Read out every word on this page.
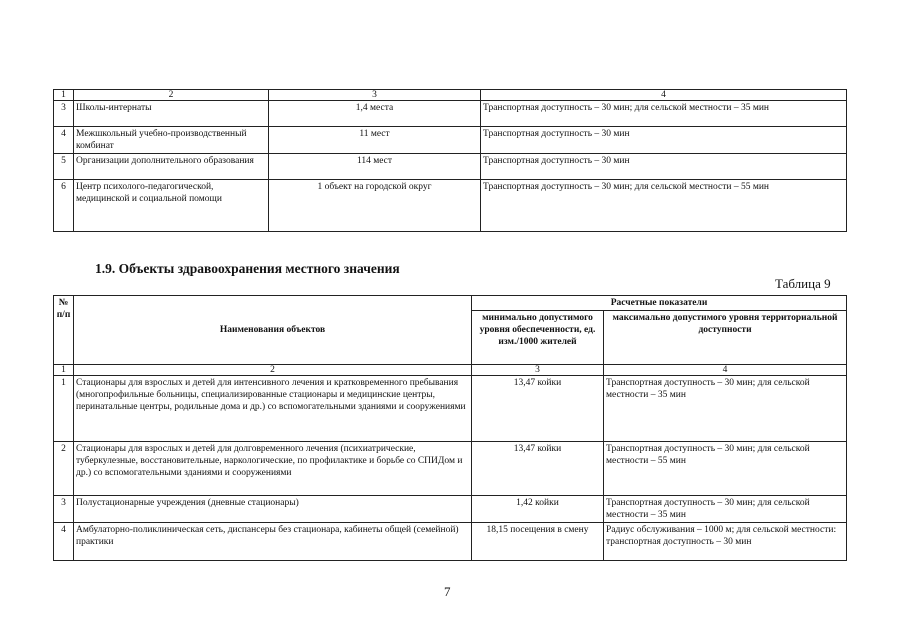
1	2	3	4
3	Школы-интернаты	1,4 места	Транспортная доступность – 30 мин; для сельской местности – 35 мин
4	Межшкольный учебно-производственный комбинат	11 мест	Транспортная доступность – 30 мин
5	Организации дополнительного образования	114 мест	Транспортная доступность – 30 мин
6	Центр психолого-педагогической, медицинской и социальной помощи	1 объект на городской округ	Транспортная доступность – 30 мин; для сельской местности – 55 мин
1.9. Объекты здравоохранения местного значения
Таблица 9
№ п/п	Наименования объектов	Расчетные показатели	
		минимально допустимого уровня обеспеченности, ед. изм./1000 жителей	максимально допустимого уровня территориальной доступности
1	2	3	4
1	Стационары для взрослых и детей для интенсивного лечения и кратковременного пребывания (многопрофильные больницы, специализированные стационары и медицинские центры, перинатальные центры, родильные дома и др.) со вспомогательными зданиями и сооружениями	13,47 койки	Транспортная доступность – 30 мин; для сельской местности – 35 мин
2	Стационары для взрослых и детей для долговременного лечения (психиатрические, туберкулезные, восстановительные, наркологические, по профилактике и борьбе со СПИДом и др.) со вспомогательными зданиями и сооружениями	13,47 койки	Транспортная доступность – 30 мин; для сельской местности – 55 мин
3	Полустационарные учреждения (дневные стационары)	1,42 койки	Транспортная доступность – 30 мин; для сельской местности – 35 мин
4	Амбулаторно-поликлиническая сеть, диспансеры без стационара, кабинеты общей (семейной) практики	18,15 посещения в смену	Радиус обслуживания – 1000 м; для сельской местности: транспортная доступность – 30 мин
7
